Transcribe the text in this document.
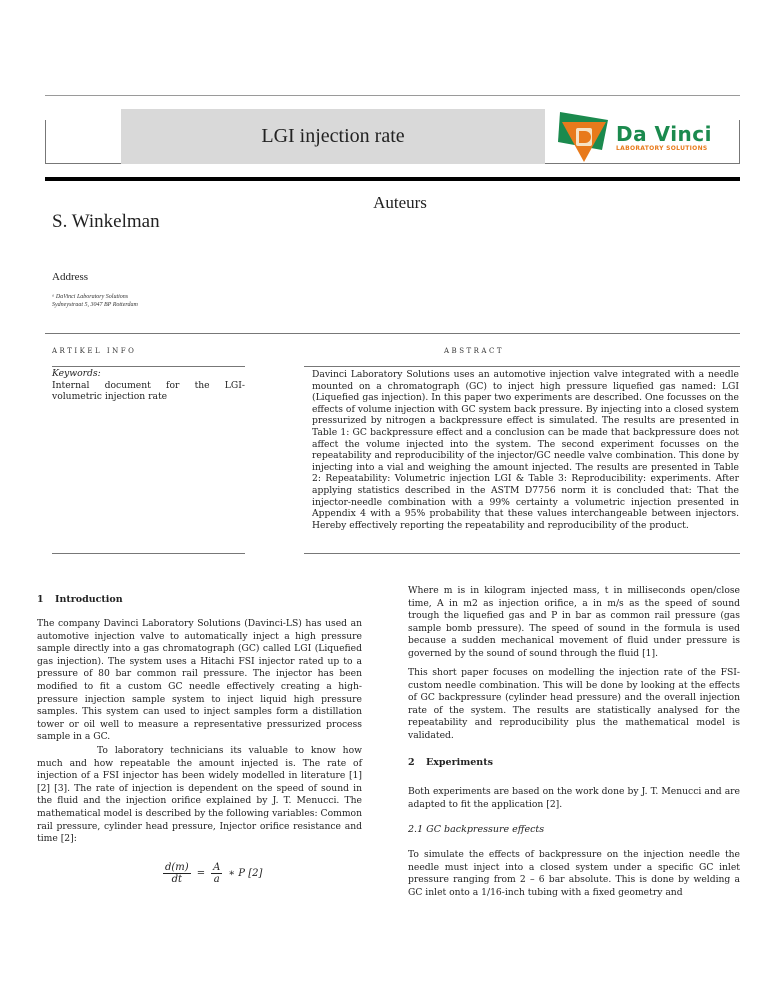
LGI injection rate	Da Vinci
LABORATORY SOLUTIONS
Auteurs
S. Winkelman
Address
ᵃ DaVinci Laboratory Solutions
Sydneystraat 5, 3047 BP Rotterdam
ARTIKEL INFO	ABSTRACT
Keywords:
Internal document for the LGI-volumetric injection rate
Davinci Laboratory Solutions uses an automotive injection valve integrated with a needle mounted on a chromatograph (GC) to inject high pressure liquefied gas named: LGI (Liquefied gas injection). In this paper two experiments are described. One focusses on the effects of volume injection with GC system back pressure. By injecting into a closed system pressurized by nitrogen a backpressure effect is simulated. The results are presented in Table 1: GC backpressure effect and a conclusion can be made that backpressure does not affect the volume injected into the system. The second experiment focusses on the repeatability and reproducibility of the injector/GC needle valve combination. This done by injecting into a vial and weighing the amount injected. The results are presented in Table 2: Repeatability: Volumetric injection LGI & Table 3: Reproducibility: experiments. After applying statistics described in the ASTM D7756 norm it is concluded that: That the injector-needle combination with a 99% certainty a volumetric injection presented in Appendix 4 with a 95% probability that these values interchangeable between injectors. Hereby effectively reporting the repeatability and reproducibility of the product.
1 Introduction
The company Davinci Laboratory Solutions (Davinci-LS) has used an automotive injection valve to automatically inject a high pressure sample directly into a gas chromatograph (GC) called LGI (Liquefied gas injection). The system uses a Hitachi FSI injector rated up to a pressure of 80 bar common rail pressure. The injector has been modified to fit a custom GC needle effectively creating a high-pressure injection sample system to inject liquid high pressure samples. This system can used to inject samples form a distillation tower or oil well to measure a representative pressurized process sample in a GC.
To laboratory technicians its valuable to know how much and how repeatable the amount injected is. The rate of injection of a FSI injector has been widely modelled in literature [1] [2] [3]. The rate of injection is dependent on the speed of sound in the fluid and the injection orifice explained by J. T. Menucci. The mathematical model is described by the following variables: Common rail pressure, cylinder head pressure, Injector orifice resistance and time [2]:
$\frac{d(m)}{dt} = \frac{A}{a}$ ∗ P [2]
Where m is in kilogram injected mass, t in milliseconds open/close time, A in m2 as injection orifice, a in m/s as the speed of sound trough the liquefied gas and P in bar as common rail pressure (gas sample bomb pressure). The speed of sound in the formula is used because a sudden mechanical movement of fluid under pressure is governed by the sound of sound through the fluid [1].
This short paper focuses on modelling the injection rate of the FSI-custom needle combination. This will be done by looking at the effects of GC backpressure (cylinder head pressure) and the overall injection rate of the system. The results are statistically analysed for the repeatability and reproducibility plus the mathematical model is validated.
2 Experiments
Both experiments are based on the work done by J. T. Menucci and are adapted to fit the application [2].
2.1 GC backpressure effects
To simulate the effects of backpressure on the injection needle the needle must inject into a closed system under a specific GC inlet pressure ranging from 2 – 6 bar absolute. This is done by welding a GC inlet onto a 1/16-inch tubing with a fixed geometry and
